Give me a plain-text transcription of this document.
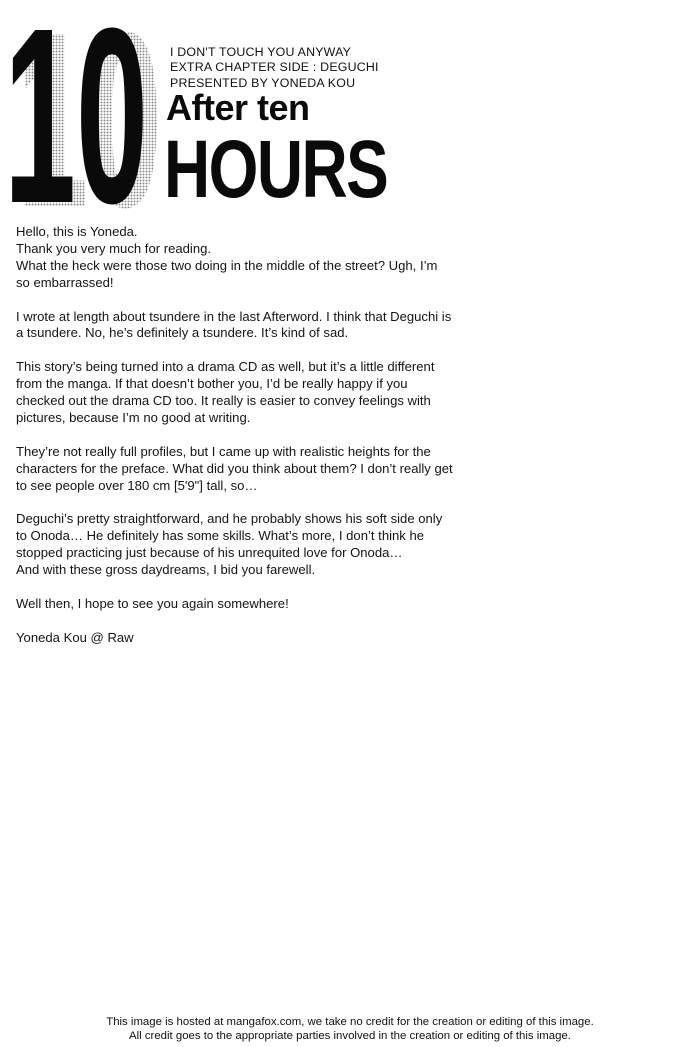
10
10 I DON'T TOUCH YOU ANYWAY
EXTRA CHAPTER SIDE : DEGUCHI
PRESENTED BY YONEDA KOU
After ten
HOURS

Hello, this is Yoneda.
Thank you very much for reading.
What the heck were those two doing in the middle of the street? Ugh, I’m
so embarrassed!

I wrote at length about tsundere in the last Afterword. I think that Deguchi is
a tsundere. No, he’s definitely a tsundere. It’s kind of sad.

This story’s being turned into a drama CD as well, but it’s a little different
from the manga. If that doesn’t bother you, I’d be really happy if you
checked out the drama CD too. It really is easier to convey feelings with
pictures, because I’m no good at writing.

They’re not really full profiles, but I came up with realistic heights for the
characters for the preface. What did you think about them? I don’t really get
to see people over 180 cm [5'9"] tall, so…

Deguchi’s pretty straightforward, and he probably shows his soft side only
to Onoda… He definitely has some skills. What’s more, I don’t think he
stopped practicing just because of his unrequited love for Onoda…
And with these gross daydreams, I bid you farewell.

Well then, I hope to see you again somewhere!

Yoneda Kou @ Raw

This image is hosted at mangafox.com, we take no credit for the creation or editing of this image.
All credit goes to the appropriate parties involved in the creation or editing of this image.
